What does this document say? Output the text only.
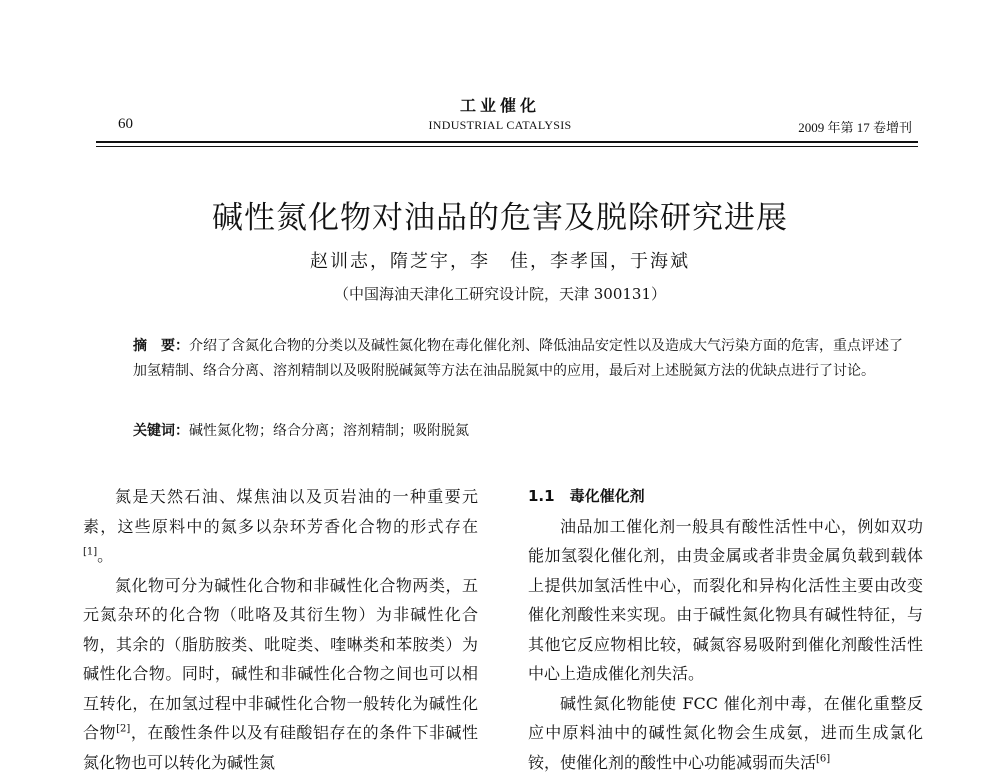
60
工业催化
INDUSTRIAL CATALYSIS	2009 年第 17 卷增刊
碱性氮化物对油品的危害及脱除研究进展
赵训志，隋芝宇，李　佳，李孝国，于海斌
（中国海油天津化工研究设计院，天津 300131）
摘　要：介绍了含氮化合物的分类以及碱性氮化物在毒化催化剂、降低油品安定性以及造成大气污染方面的危害，重点评述了加氢精制、络合分离、溶剂精制以及吸附脱碱氮等方法在油品脱氮中的应用，最后对上述脱氮方法的优缺点进行了讨论。
关键词：碱性氮化物；络合分离；溶剂精制；吸附脱氮

氮是天然石油、煤焦油以及页岩油的一种重要元素，这些原料中的氮多以杂环芳香化合物的形式存在[1]。

氮化物可分为碱性化合物和非碱性化合物两类，五元氮杂环的化合物（吡咯及其衍生物）为非碱性化合物，其余的（脂肪胺类、吡啶类、喹啉类和苯胺类）为碱性化合物。同时，碱性和非碱性化合物之间也可以相互转化，在加氢过程中非碱性化合物一般转化为碱性化合物[2]，在酸性条件以及有硅酸铝存在的条件下非碱性氮化物也可以转化为碱性氮

1.1　毒化催化剂

油品加工催化剂一般具有酸性活性中心，例如双功能加氢裂化催化剂，由贵金属或者非贵金属负载到载体上提供加氢活性中心，而裂化和异构化活性主要由改变催化剂酸性来实现。由于碱性氮化物具有碱性特征，与其他它反应物相比较，碱氮容易吸附到催化剂酸性活性中心上造成催化剂失活。

碱性氮化物能使 FCC 催化剂中毒，在催化重整反应中原料油中的碱性氮化物会生成氨，进而生成氯化铵，使催化剂的酸性中心功能减弱而失活[6]
